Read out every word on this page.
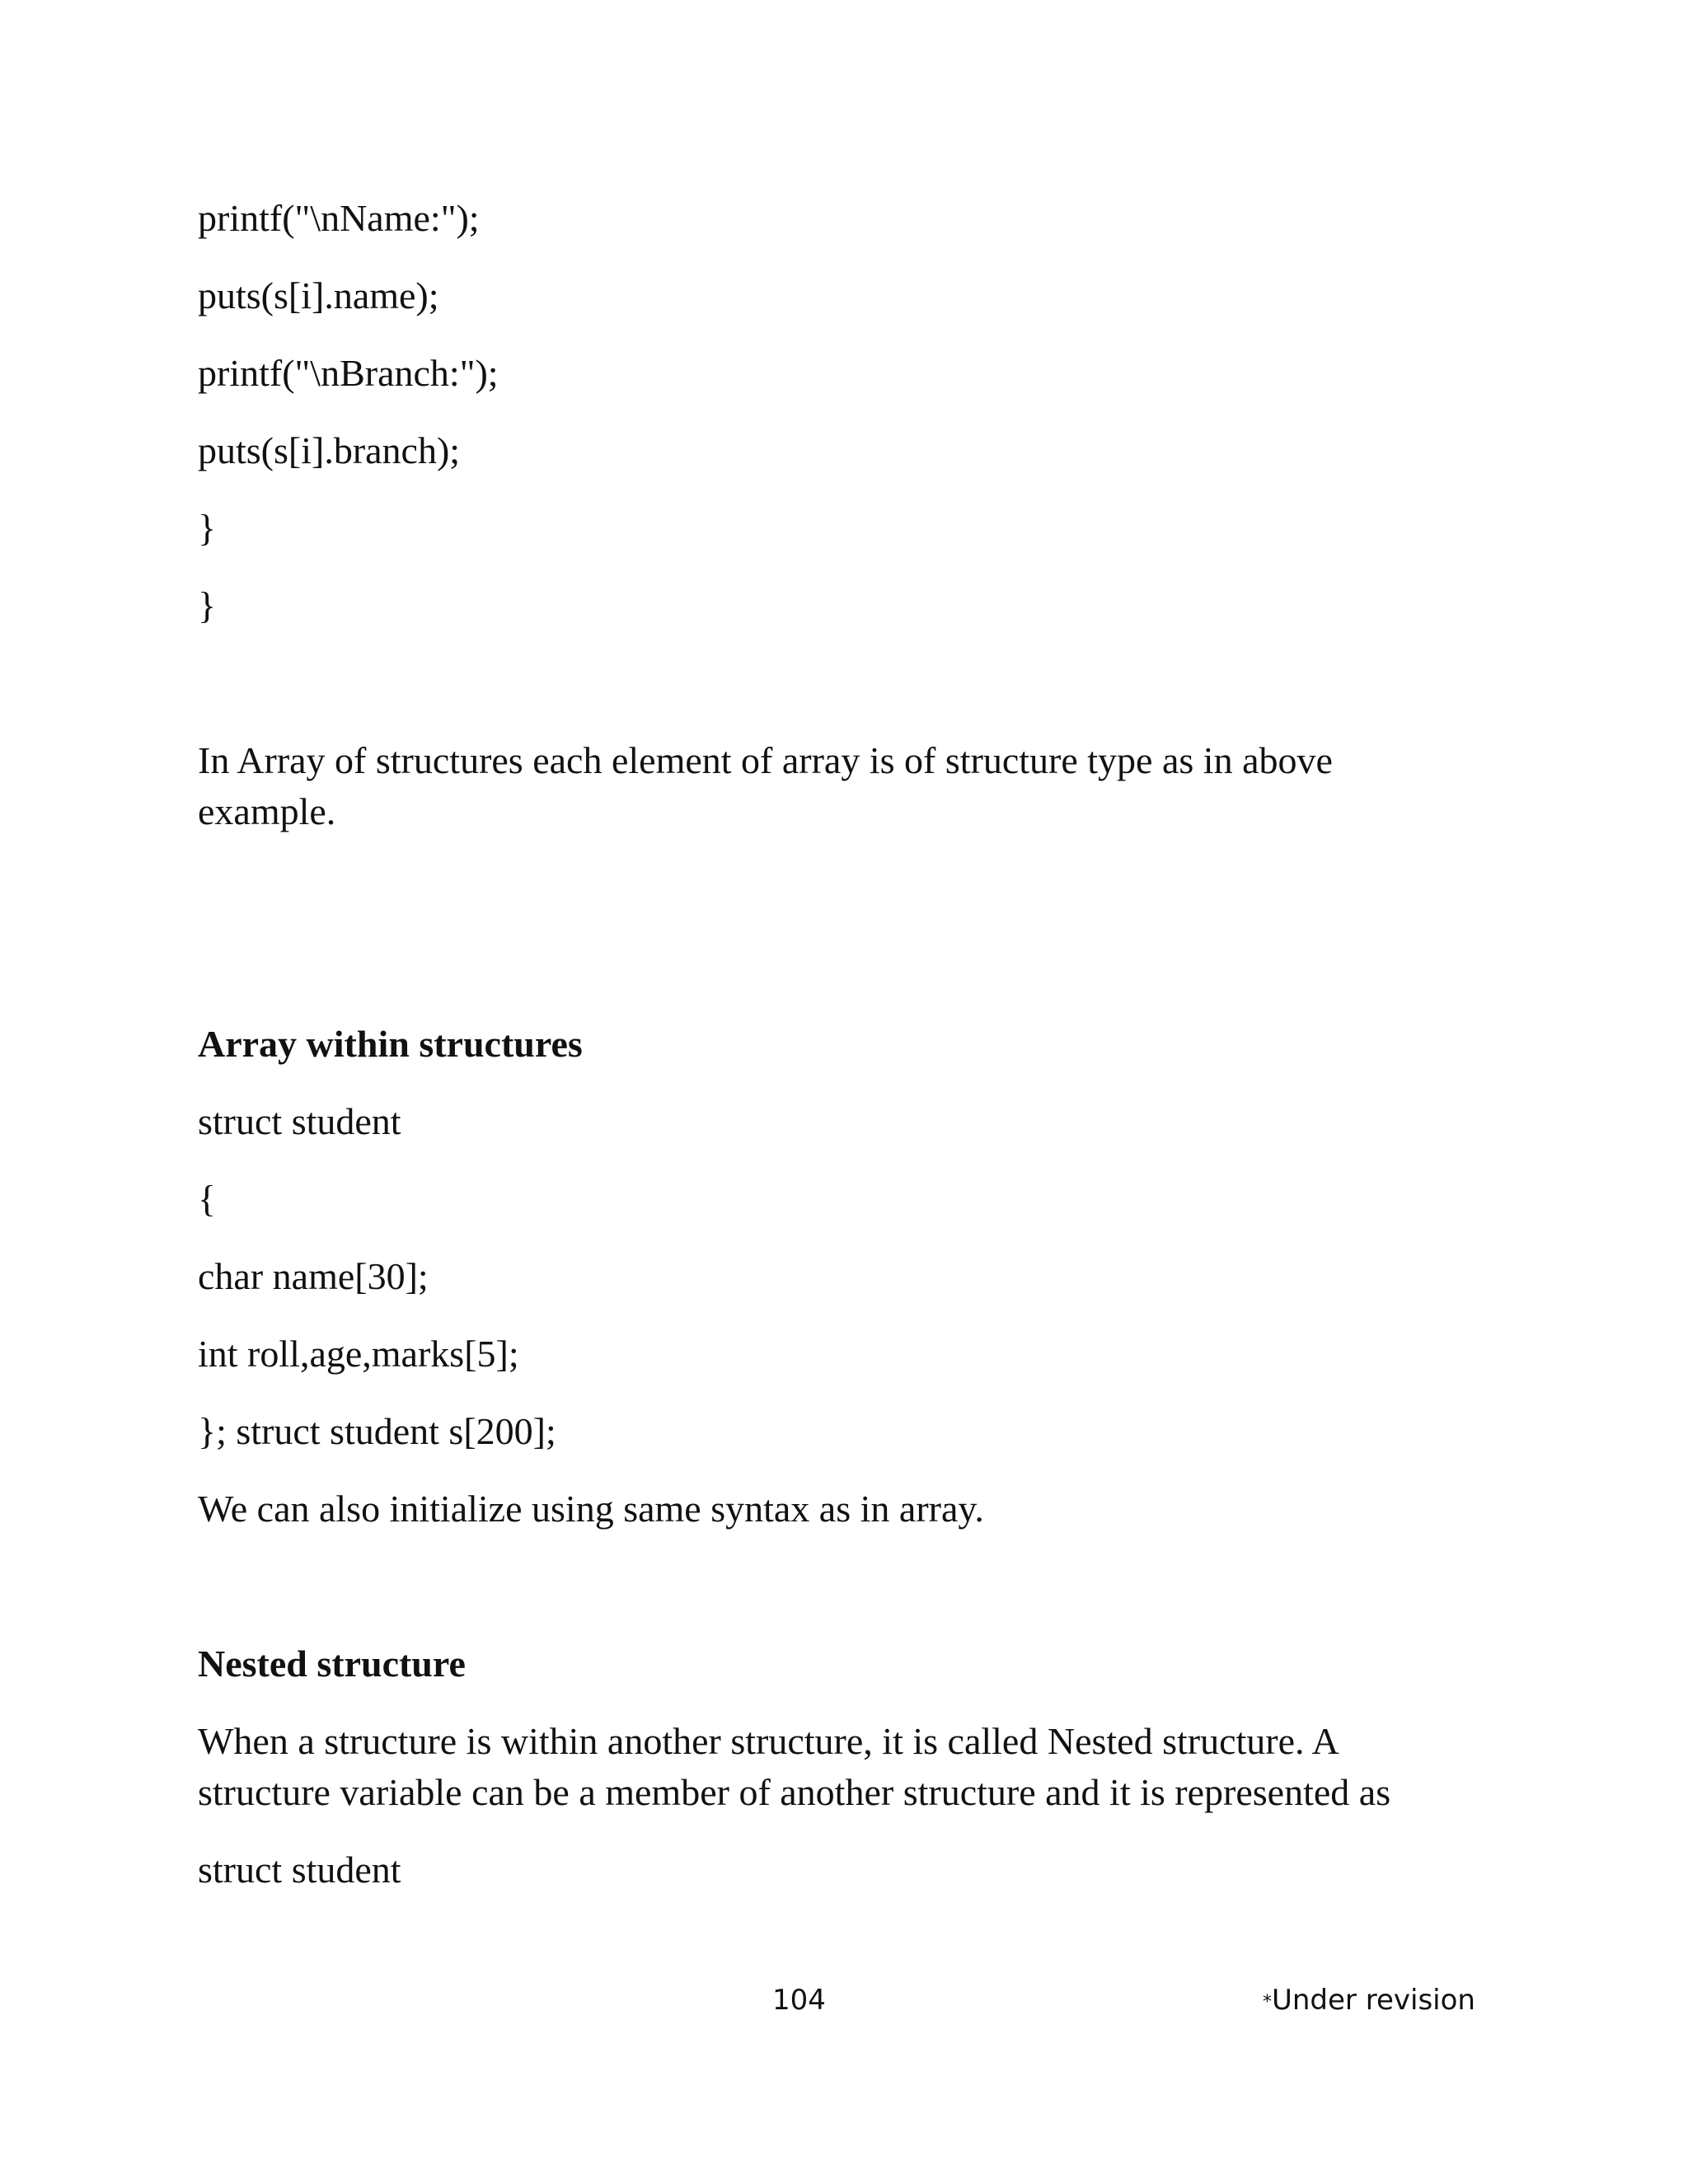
printf("\nName:");

puts(s[i].name);

printf("\nBranch:");

puts(s[i].branch);

}

}

In Array of structures each element of array is of structure type as in above

example.

Array within structures

struct student

{

char name[30];

int roll,age,marks[5];

}; struct student s[200];

We can also initialize using same syntax as in array.

Nested structure

When a structure is within another structure, it is called Nested structure. A

structure variable can be a member of another structure and it is represented as

struct student

104	*Under revision
